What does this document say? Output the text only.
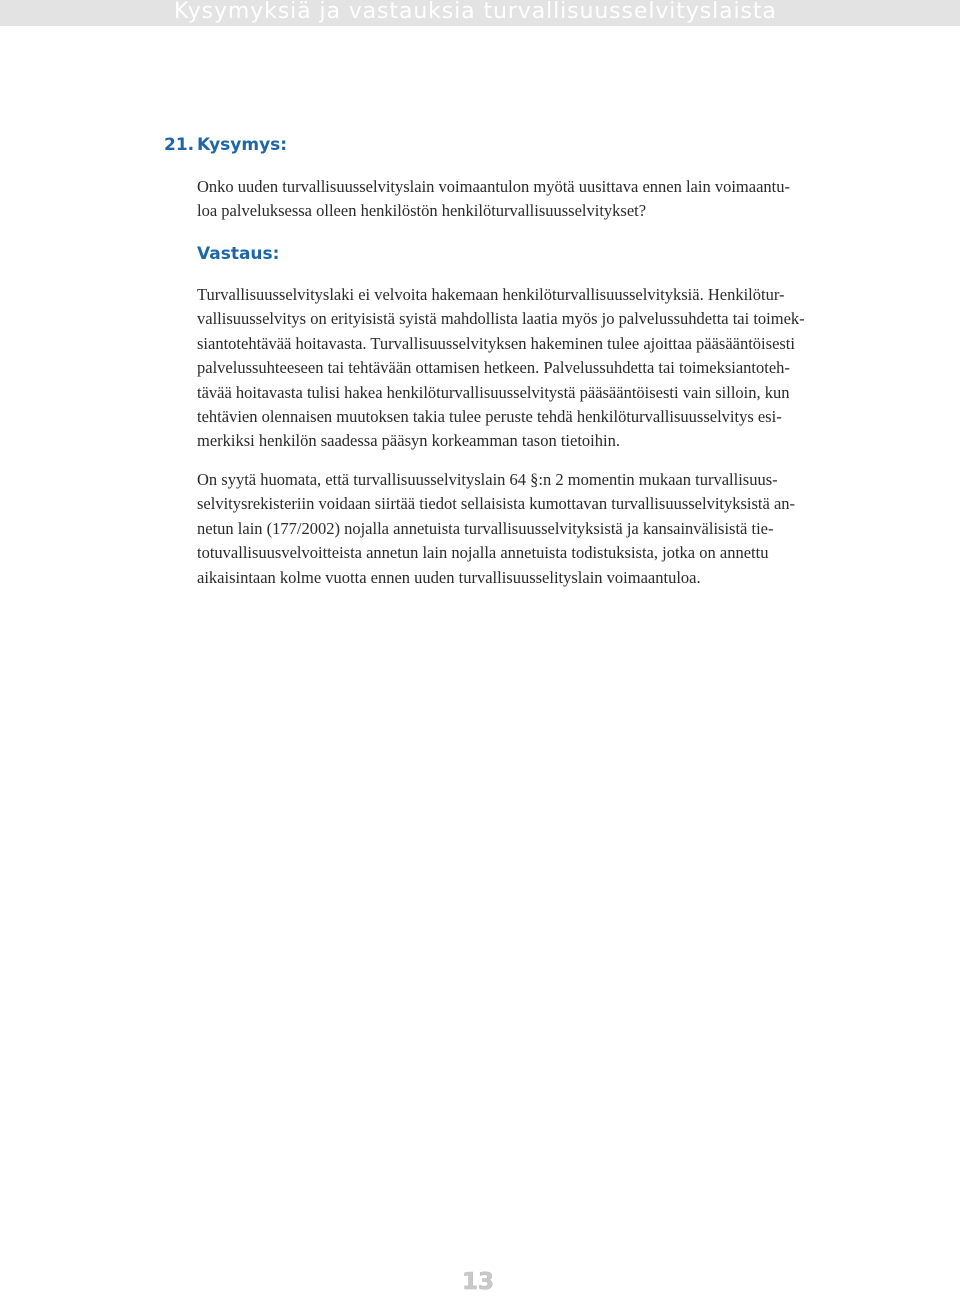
Kysymyksiä ja vastauksia turvallisuusselvityslaista
21. Kysymys:

Onko uuden turvallisuusselvityslain voimaantulon myötä uusittava ennen lain voimaantu-
loa palveluksessa olleen henkilöstön henkilöturvallisuusselvitykset?

Vastaus:

Turvallisuusselvityslaki ei velvoita hakemaan henkilöturvallisuusselvityksiä. Henkilötur-
vallisuusselvitys on erityisistä syistä mahdollista laatia myös jo palvelussuhdetta tai toimek-
siantotehtävää hoitavasta. Turvallisuusselvityksen hakeminen tulee ajoittaa pääsääntöisesti
palvelussuhteeseen tai tehtävään ottamisen hetkeen. Palvelussuhdetta tai toimeksiantoteh-
tävää hoitavasta tulisi hakea henkilöturvallisuusselvitystä pääsääntöisesti vain silloin, kun
tehtävien olennaisen muutoksen takia tulee peruste tehdä henkilöturvallisuusselvitys esi-
merkiksi henkilön saadessa pääsyn korkeamman tason tietoihin.

On syytä huomata, että turvallisuusselvityslain 64 §:n 2 momentin mukaan turvallisuus-
selvitysrekisteriin voidaan siirtää tiedot sellaisista kumottavan turvallisuusselvityksistä an-
netun lain (177/2002) nojalla annetuista turvallisuusselvityksistä ja kansainvälisistä tie-
totuvallisuusvelvoitteista annetun lain nojalla annetuista todistuksista, jotka on annettu
aikaisintaan kolme vuotta ennen uuden turvallisuusselityslain voimaantuloa.

13
